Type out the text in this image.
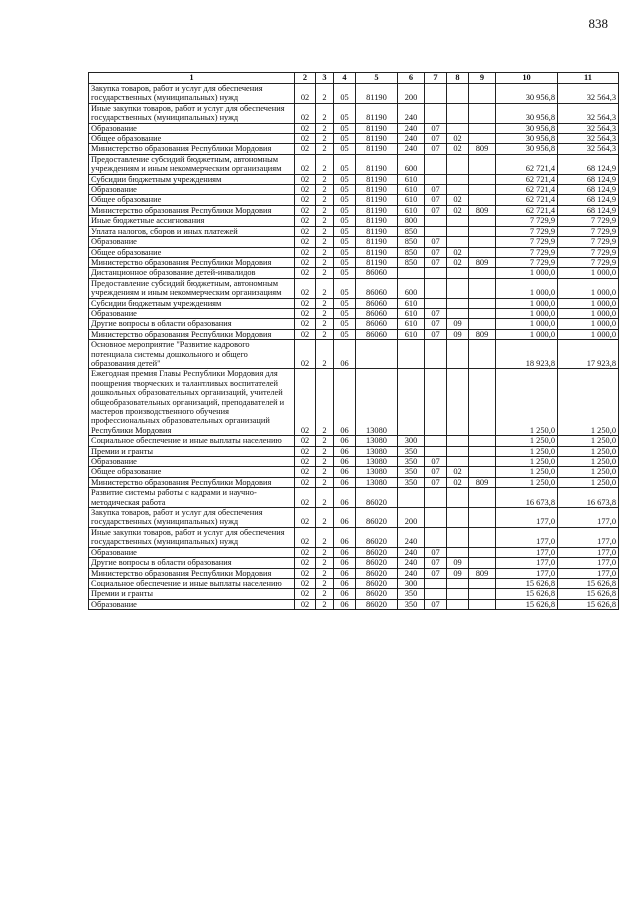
838
1	2	3	4	5	6	7	8	9	10	11
Закупка товаров, работ и услуг для обеспечения государственных (муниципальных) нужд	02	2	05	81190	200				30 956,8	32 564,3
Иные закупки товаров, работ и услуг для обеспечения государственных (муниципальных) нужд	02	2	05	81190	240				30 956,8	32 564,3
Образование	02	2	05	81190	240	07			30 956,8	32 564,3
Общее образование	02	2	05	81190	240	07	02		30 956,8	32 564,3
Министерство образования Республики Мордовия	02	2	05	81190	240	07	02	809	30 956,8	32 564,3
Предоставление субсидий бюджетным, автономным учреждениям и иным некоммерческим организациям	02	2	05	81190	600				62 721,4	68 124,9
Субсидии бюджетным учреждениям	02	2	05	81190	610				62 721,4	68 124,9
Образование	02	2	05	81190	610	07			62 721,4	68 124,9
Общее образование	02	2	05	81190	610	07	02		62 721,4	68 124,9
Министерство образования Республики Мордовия	02	2	05	81190	610	07	02	809	62 721,4	68 124,9
Иные бюджетные ассигнования	02	2	05	81190	800				7 729,9	7 729,9
Уплата налогов, сборов и иных платежей	02	2	05	81190	850				7 729,9	7 729,9
Образование	02	2	05	81190	850	07			7 729,9	7 729,9
Общее образование	02	2	05	81190	850	07	02		7 729,9	7 729,9
Министерство образования Республики Мордовия	02	2	05	81190	850	07	02	809	7 729,9	7 729,9
Дистанционное образование детей-инвалидов	02	2	05	86060					1 000,0	1 000,0
Предоставление субсидий бюджетным, автономным учреждениям и иным некоммерческим организациям	02	2	05	86060	600				1 000,0	1 000,0
Субсидии бюджетным учреждениям	02	2	05	86060	610				1 000,0	1 000,0
Образование	02	2	05	86060	610	07			1 000,0	1 000,0
Другие вопросы в области образования	02	2	05	86060	610	07	09		1 000,0	1 000,0
Министерство образования Республики Мордовия	02	2	05	86060	610	07	09	809	1 000,0	1 000,0
Основное мероприятие "Развитие кадрового потенциала системы дошкольного и общего образования детей"	02	2	06						18 923,8	17 923,8
Ежегодная премия Главы Республики Мордовия для поощрения творческих и талантливых воспитателей дошкольных образовательных организаций, учителей общеобразовательных организаций, преподавателей и мастеров производственного обучения профессиональных образовательных организаций Республики Мордовия	02	2	06	13080					1 250,0	1 250,0
Социальное обеспечение и иные выплаты населению	02	2	06	13080	300				1 250,0	1 250,0
Премии и гранты	02	2	06	13080	350				1 250,0	1 250,0
Образование	02	2	06	13080	350	07			1 250,0	1 250,0
Общее образование	02	2	06	13080	350	07	02		1 250,0	1 250,0
Министерство образования Республики Мордовия	02	2	06	13080	350	07	02	809	1 250,0	1 250,0
Развитие системы работы с кадрами и научно-методическая работа	02	2	06	86020					16 673,8	16 673,8
Закупка товаров, работ и услуг для обеспечения государственных (муниципальных) нужд	02	2	06	86020	200				177,0	177,0
Иные закупки товаров, работ и услуг для обеспечения государственных (муниципальных) нужд	02	2	06	86020	240				177,0	177,0
Образование	02	2	06	86020	240	07			177,0	177,0
Другие вопросы в области образования	02	2	06	86020	240	07	09		177,0	177,0
Министерство образования Республики Мордовия	02	2	06	86020	240	07	09	809	177,0	177,0
Социальное обеспечение и иные выплаты населению	02	2	06	86020	300				15 626,8	15 626,8
Премии и гранты	02	2	06	86020	350				15 626,8	15 626,8
Образование	02	2	06	86020	350	07			15 626,8	15 626,8
